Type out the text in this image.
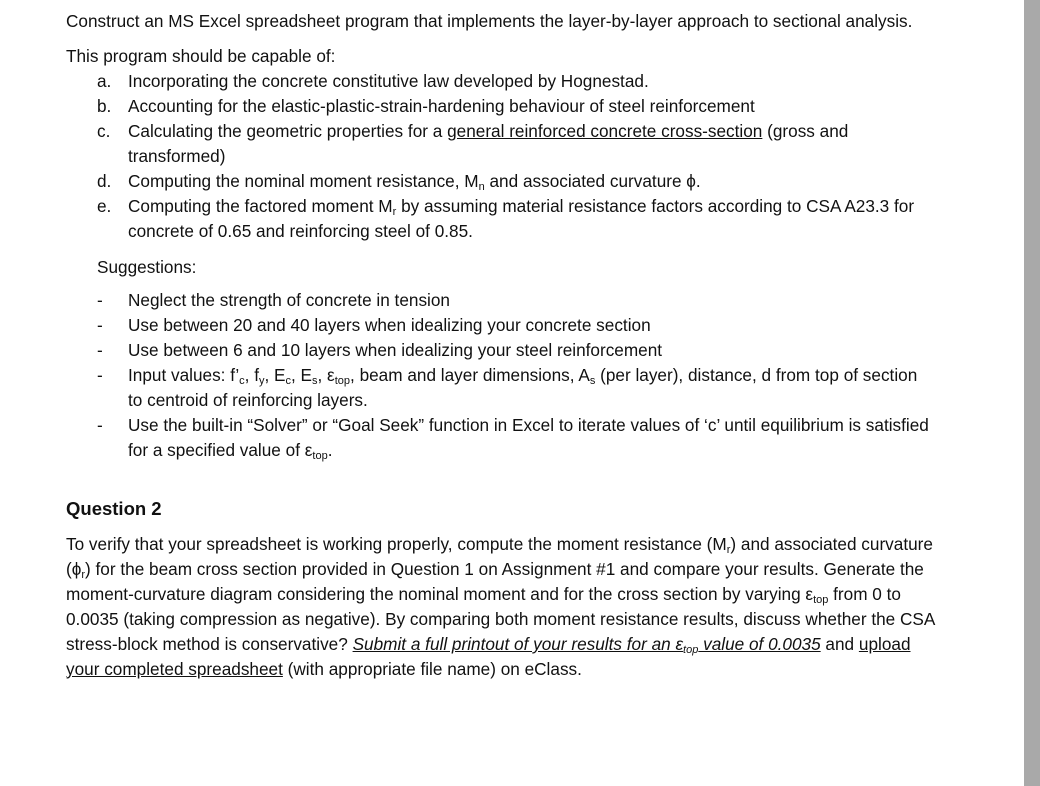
Construct an MS Excel spreadsheet program that implements the layer-by-layer approach to sectional analysis.

This program should be capable of:

a. Incorporating the concrete constitutive law developed by Hognestad.
b. Accounting for the elastic-plastic-strain-hardening behaviour of steel reinforcement
c. Calculating the geometric properties for a general reinforced concrete cross-section (gross and transformed)
d. Computing the nominal moment resistance, $M_n$ and associated curvature ϕ.
e. Computing the factored moment $M_r$ by assuming material resistance factors according to CSA A23.3 for concrete of 0.65 and reinforcing steel of 0.85.

Suggestions:

- Neglect the strength of concrete in tension
- Use between 20 and 40 layers when idealizing your concrete section
- Use between 6 and 10 layers when idealizing your steel reinforcement
- Input values: $f’_c$, $f_y$, $E_c$, $E_s$, $\varepsilon_{top}$, beam and layer dimensions, $A_s$ (per layer), distance, d from top of section to centroid of reinforcing layers.
- Use the built-in “Solver” or “Goal Seek” function in Excel to iterate values of ‘c’ until equilibrium is satisfied for a specified value of $\varepsilon_{top}$.

Question 2

To verify that your spreadsheet is working properly, compute the moment resistance $(M_r)$ and associated curvature $(\phi_r)$ for the beam cross section provided in Question 1 on Assignment #1 and compare your results. Generate the moment-curvature diagram considering the nominal moment and for the cross section by varying $\varepsilon_{top}$ from 0 to 0.0035 (taking compression as negative). By comparing both moment resistance results, discuss whether the CSA stress-block method is conservative? Submit a full printout of your results for an $\varepsilon_{top}$ value of 0.0035 and upload your completed spreadsheet (with appropriate file name) on eClass.
